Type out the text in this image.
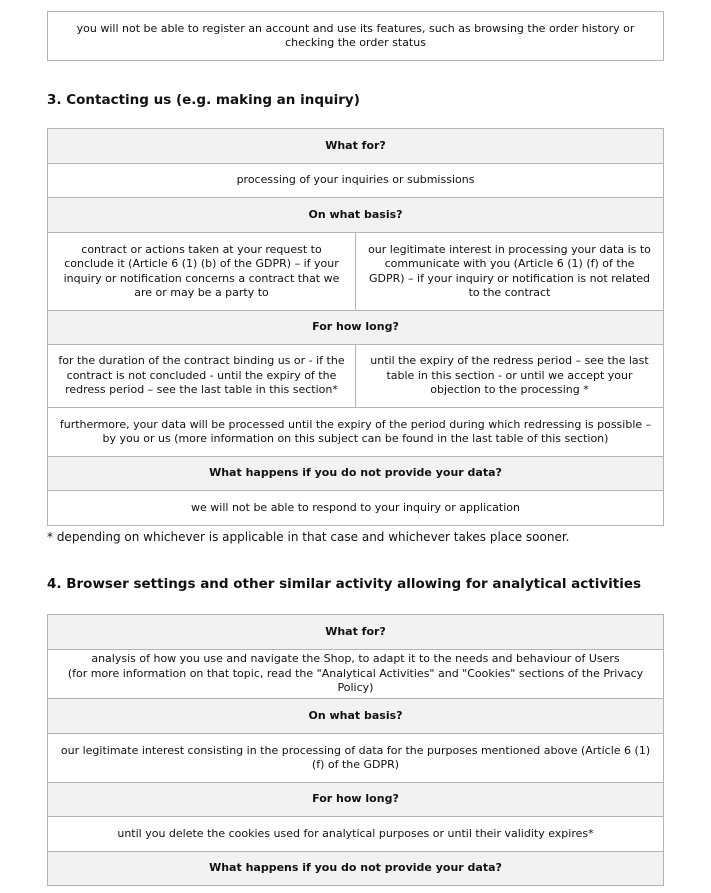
you will not be able to register an account and use its features, such as browsing the order history or checking the order status
3. Contacting us (e.g. making an inquiry)
What for?	
processing of your inquiries or submissions	
On what basis?	
contract or actions taken at your request to conclude it (Article 6 (1) (b) of the GDPR) – if your inquiry or notification concerns a contract that we are or may be a party to	our legitimate interest in processing your data is to communicate with you (Article 6 (1) (f) of the GDPR) – if your inquiry or notification is not related to the contract
For how long?	
for the duration of the contract binding us or - if the contract is not concluded - until the expiry of the redress period – see the last table in this section*	until the expiry of the redress period – see the last table in this section - or until we accept your objection to the processing *
furthermore, your data will be processed until the expiry of the period during which redressing is possible – by you or us (more information on this subject can be found in the last table of this section)	
What happens if you do not provide your data?	
we will not be able to respond to your inquiry or application	

* depending on whichever is applicable in that case and whichever takes place sooner.

4. Browser settings and other similar activity allowing for analytical activities
What for?
analysis of how you use and navigate the Shop, to adapt it to the needs and behaviour of Users
(for more information on that topic, read the "Analytical Activities" and "Cookies" sections of the Privacy Policy)
On what basis?
our legitimate interest consisting in the processing of data for the purposes mentioned above (Article 6 (1) (f) of the GDPR)
For how long?
until you delete the cookies used for analytical purposes or until their validity expires*
What happens if you do not provide your data?
